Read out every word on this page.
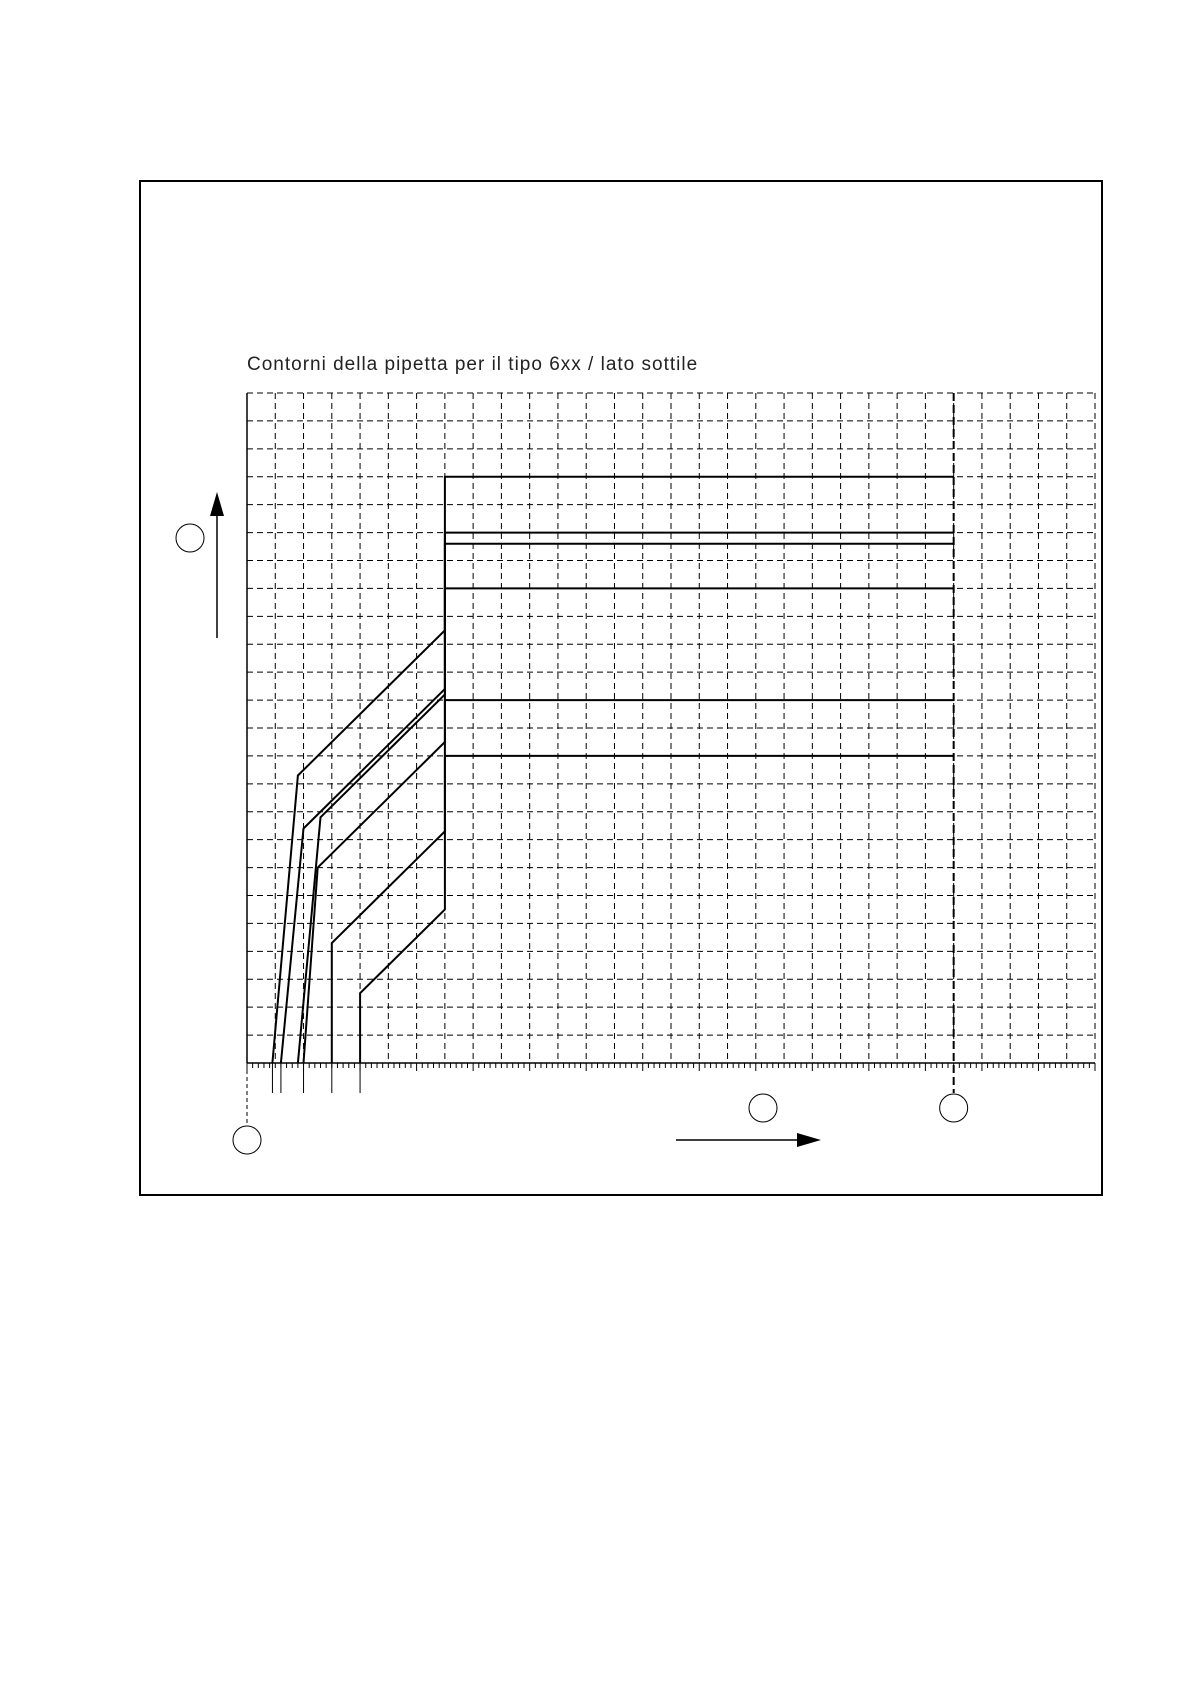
Contorni della pipetta per il tipo 6xx / lato sottile
